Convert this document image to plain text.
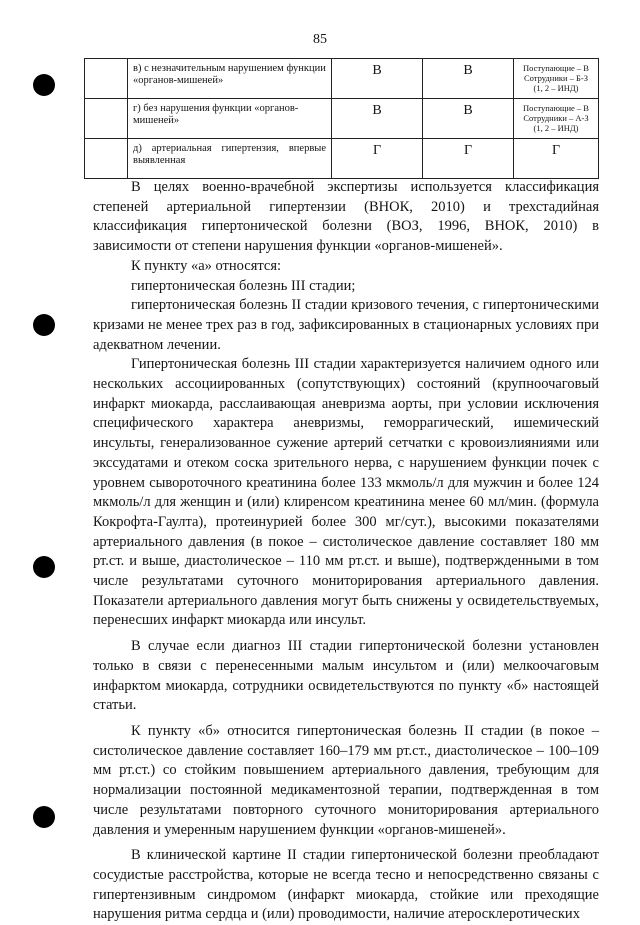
85
	в) с незначительным нарушением функции «органов-мишеней»	В	В	Поступающие – В
Сотрудники – Б-З
(1, 2 – ИНД)

	г) без нарушения функции «органов-мишеней»	В	В	Поступающие – В
Сотрудники – А-З
(1, 2 – ИНД)

	д) артериальная гипертензия, впервые выявленная	Г	Г	Г

В целях военно-врачебной экспертизы используется классификация степеней артериальной гипертензии (ВНОК, 2010) и трехстадийная классификация гипертонической болезни (ВОЗ, 1996, ВНОК, 2010) в зависимости от степени нарушения функции «органов-мишеней».

К пункту «а» относятся:

гипертоническая болезнь III стадии;

гипертоническая болезнь II стадии кризового течения, с гипертоническими кризами не менее трех раз в год, зафиксированных в стационарных условиях при адекватном лечении.

Гипертоническая болезнь III стадии характеризуется наличием одного или нескольких ассоциированных (сопутствующих) состояний (крупноочаговый инфаркт миокарда, расслаивающая аневризма аорты, при условии исключения специфического характера аневризмы, геморрагический, ишемический инсульты, генерализованное сужение артерий сетчатки с кровоизлияниями или экссудатами и отеком соска зрительного нерва, с нарушением функции почек с уровнем сывороточного креатинина более 133 мкмоль/л для мужчин и более 124 мкмоль/л для женщин и (или) клиренсом креатинина менее 60 мл/мин. (формула Кокрофта-Гаулта), протеинурией более 300 мг/сут.), высокими показателями артериального давления (в покое – систолическое давление составляет 180 мм рт.ст. и выше, диастолическое – 110 мм рт.ст. и выше), подтвержденными в том числе результатами суточного мониторирования артериального давления. Показатели артериального давления могут быть снижены у освидетельствуемых, перенесших инфаркт миокарда или инсульт.

В случае если диагноз III стадии гипертонической болезни установлен только в связи с перенесенными малым инсультом и (или) мелкоочаговым инфарктом миокарда, сотрудники освидетельствуются по пункту «б» настоящей статьи.

К пункту «б» относится гипертоническая болезнь II стадии (в покое – систолическое давление составляет 160–179 мм рт.ст., диастолическое – 100–109 мм рт.ст.) со стойким повышением артериального давления, требующим для нормализации постоянной медикаментозной терапии, подтвержденная в том числе результатами повторного суточного мониторирования артериального давления и умеренным нарушением функции «органов-мишеней».

В клинической картине II стадии гипертонической болезни преобладают сосудистые расстройства, которые не всегда тесно и непосредственно связаны с гипертензивным синдромом (инфаркт миокарда, стойкие или преходящие нарушения ритма сердца и (или) проводимости, наличие атеросклеротических
